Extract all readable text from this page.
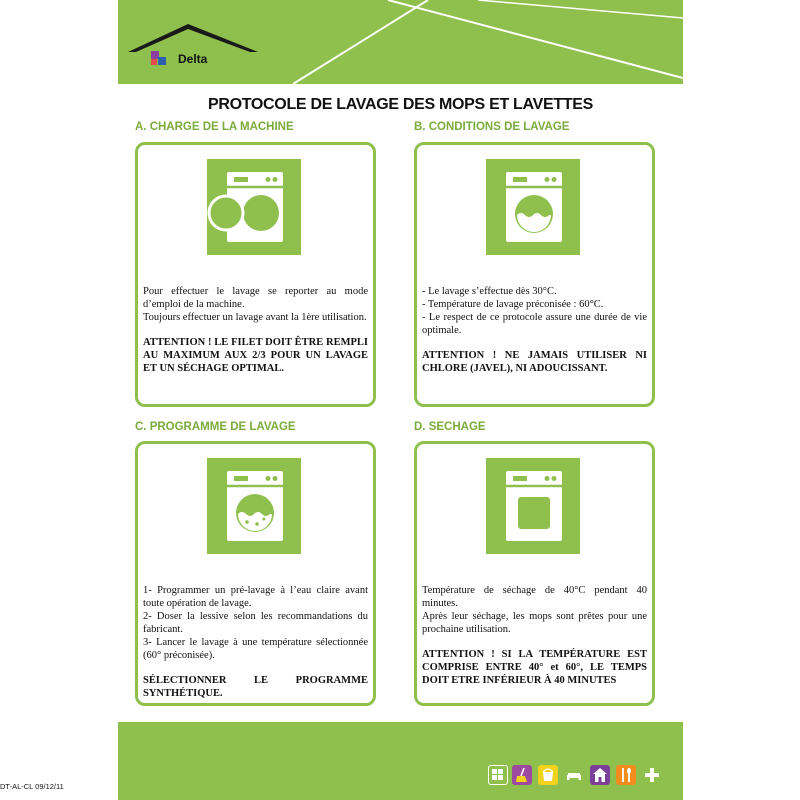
Delta
PROTOCOLE DE LAVAGE DES MOPS ET LAVETTES
A. CHARGE DE LA MACHINE

Pour effectuer le lavage se reporter au mode d’emploi de la machine.

Toujours effectuer un lavage avant la 1ère utilisation.

ATTENTION ! LE FILET DOIT ÊTRE REMPLI AU MAXIMUM AUX 2/3 POUR UN LAVAGE ET UN SÉCHAGE OPTIMAL.

B. CONDITIONS DE LAVAGE

- Le lavage s’effectue dès 30°C.

- Température de lavage préconisée : 60°C.

- Le respect de ce protocole assure une durée de vie optimale.

ATTENTION ! NE JAMAIS UTILISER NI CHLORE (JAVEL), NI ADOUCISSANT.

C. PROGRAMME DE LAVAGE

1- Programmer un pré-lavage à l’eau claire avant toute opération de lavage.

2- Doser la lessive selon les recommandations du fabricant.

3- Lancer le lavage à une température sélectionnée (60° préconisée).

SÉLECTIONNER LE PROGRAMME SYNTHÉTIQUE.

D. SECHAGE

Température de séchage de 40°C pendant 40 minutes.

Après leur séchage, les mops sont prêtes pour une prochaine utilisation.

ATTENTION ! SI LA TEMPÉRATURE EST COMPRISE ENTRE 40° et 60°, LE TEMPS DOIT ETRE INFÉRIEUR À 40 MINUTES

DT-AL-CL 09/12/11
